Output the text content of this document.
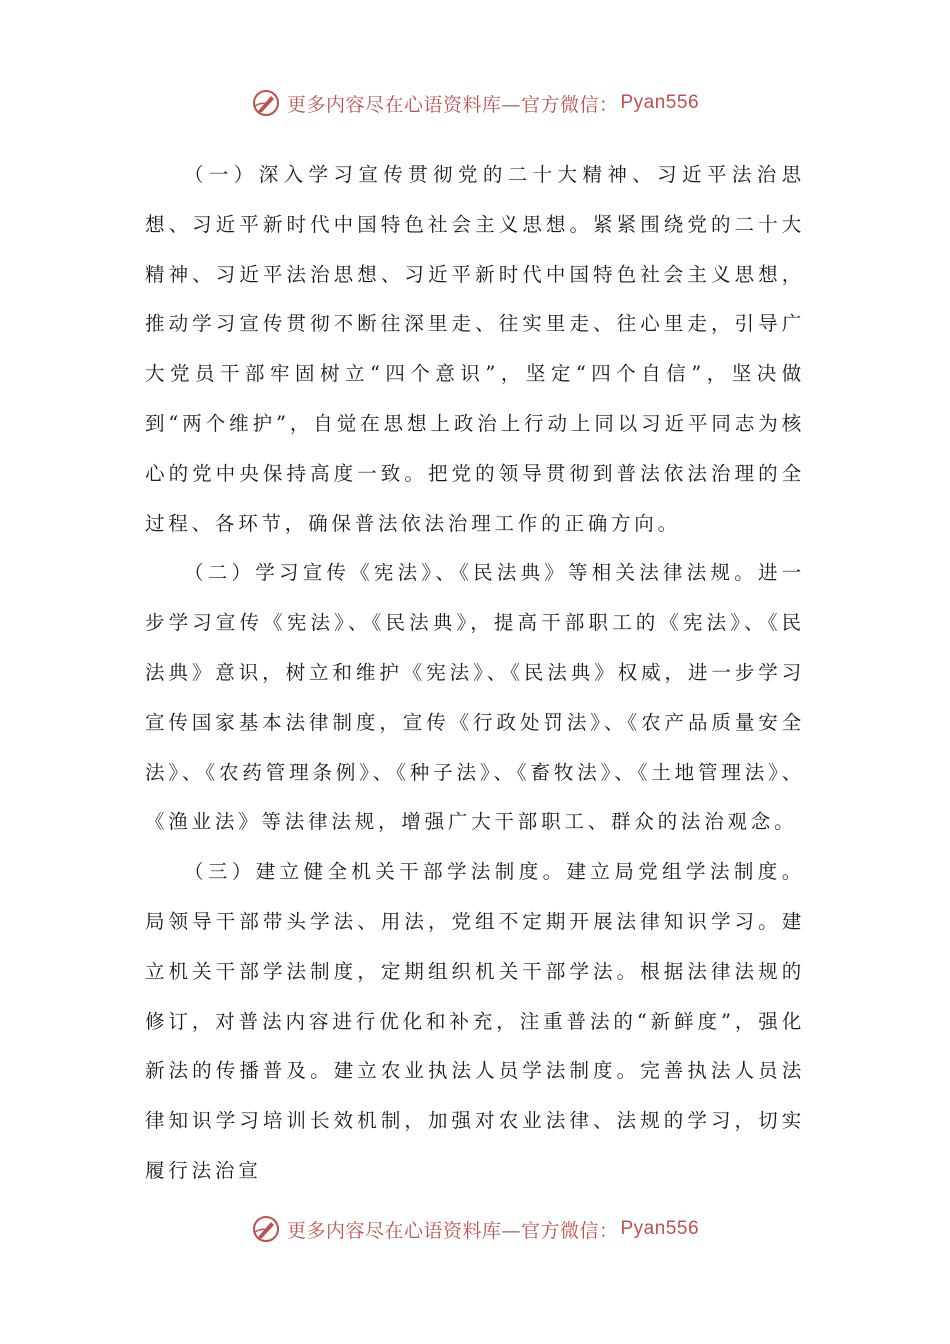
更多内容尽在心语资料库—官方微信： Pyan556

（一）深入学习宣传贯彻党的二十大精神、习近平法治思想、习近平新时代中国特色社会主义思想。紧紧围绕党的二十大精神、习近平法治思想、习近平新时代中国特色社会主义思想，推动学习宣传贯彻不断往深里走、往实里走、往心里走，引导广大党员干部牢固树立“四个意识”，坚定“四个自信”，坚决做到“两个维护”，自觉在思想上政治上行动上同以习近平同志为核心的党中央保持高度一致。把党的领导贯彻到普法依法治理的全过程、各环节，确保普法依法治理工作的正确方向。

（二）学习宣传《宪法》、《民法典》等相关法律法规。进一步学习宣传《宪法》、《民法典》，提高干部职工的《宪法》、《民法典》意识，树立和维护《宪法》、《民法典》权威，进一步学习宣传国家基本法律制度，宣传《行政处罚法》、《农产品质量安全法》、《农药管理条例》、《种子法》、《畜牧法》、《土地管理法》、《渔业法》等法律法规，增强广大干部职工、群众的法治观念。

（三）建立健全机关干部学法制度。建立局党组学法制度。局领导干部带头学法、用法，党组不定期开展法律知识学习。建立机关干部学法制度，定期组织机关干部学法。根据法律法规的修订，对普法内容进行优化和补充，注重普法的“新鲜度”，强化新法的传播普及。建立农业执法人员学法制度。完善执法人员法律知识学习培训长效机制，加强对农业法律、法规的学习，切实履行法治宣

更多内容尽在心语资料库—官方微信： Pyan556
